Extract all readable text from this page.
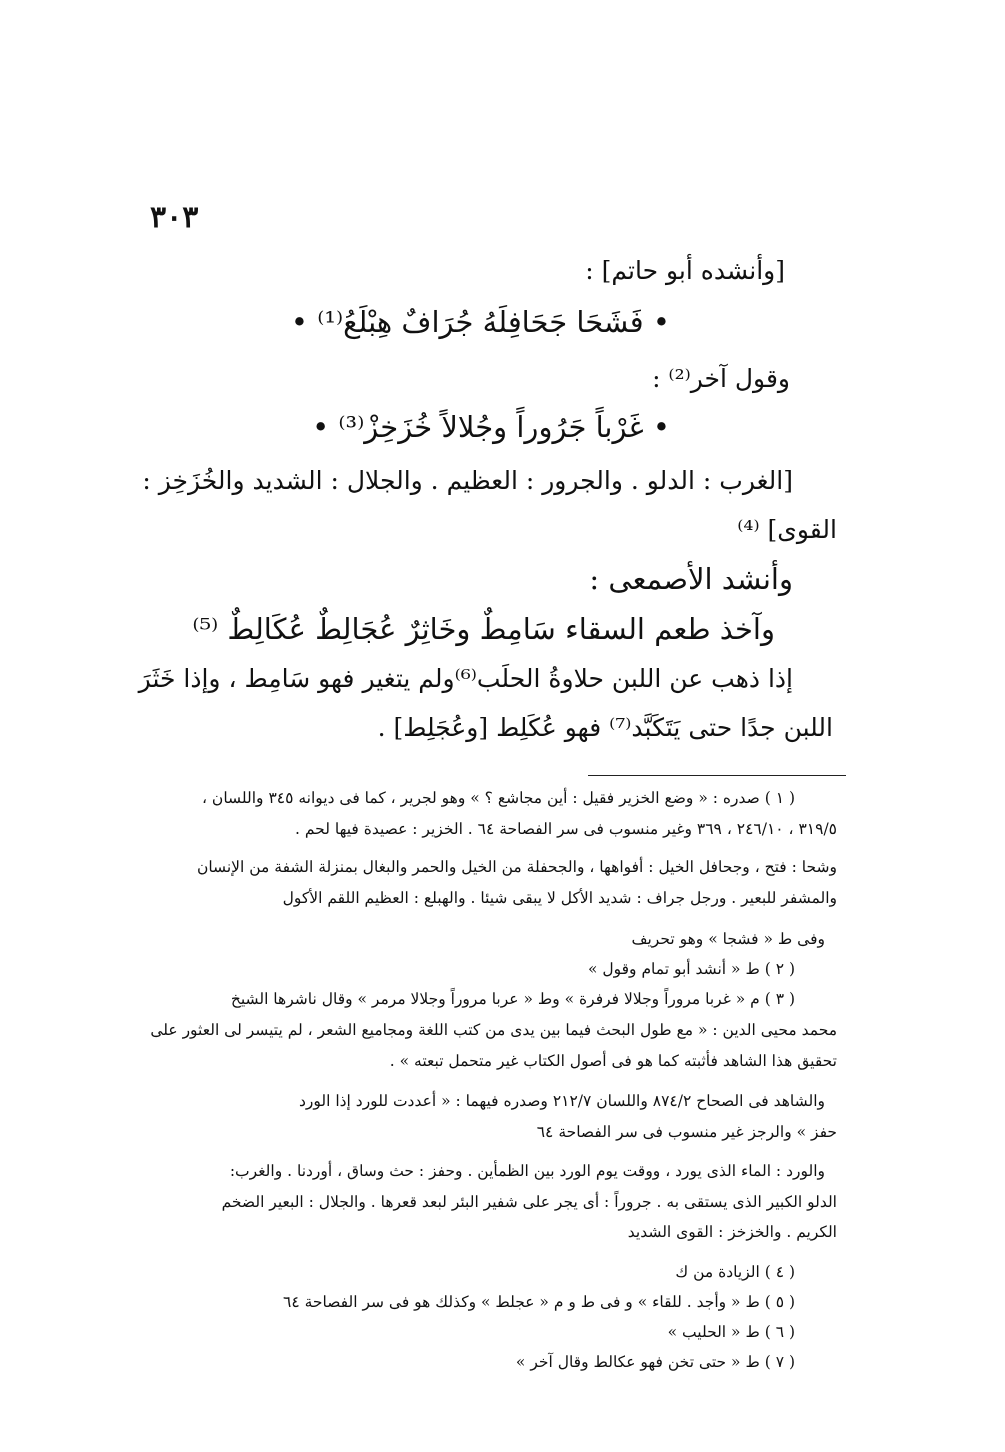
٣٠٣
[وأنشده أبو حاتم] :
• فَشَحَا جَحَافِلَهُ جُرَافٌ هِبْلَعُ⁽¹⁾ •
وقول آخر⁽²⁾ :
• غَرْباً جَرُوراً وجُلالاً خُزَخِزْ⁽³⁾ •
[الغرب : الدلو . والجرور : العظيم . والجلال : الشديد والخُزَخِز :
القوى] ⁽⁴⁾
وأنشد الأصمعى :
وآخذ طعم السقاء سَامِطٌ وخَاثِرٌ عُجَالِطٌ عُكَالِطٌ ⁽⁵⁾
إذا ذهب عن اللبن حلاوةُ الحلَب⁽⁶⁾ولم يتغير فهو سَامِط ، وإذا خَثَرَ
اللبن جدًا حتى يَتَكَبَّد⁽⁷⁾ فهو عُكَلِط [وعُجَلِط] .
( ١ ) صدره : « وضع الخزير فقيل : أين مجاشع ؟ » وهو لجرير ، كما فى ديوانه ٣٤٥ واللسان ،
٣١٩/٥ ، ٢٤٦/١٠ ، ٣٦٩ وغير منسوب فى سر الفصاحة ٦٤ . الخزير : عصيدة فيها لحم .
وشحا : فتح ، وجحافل الخيل : أفواهها ، والجحفلة من الخيل والحمر والبغال بمنزلة الشفة من الإنسان
والمشفر للبعير . ورجل جراف : شديد الأكل لا يبقى شيئا . والهبلع : العظيم اللقم الأكول
وفى ط « فشجا » وهو تحريف
( ٢ ) ط « أنشد أبو تمام وقول »
( ٣ ) م « غربا مروراً وجلالا فرفرة » وط « عربا مروراً وجلالا مرمر » وقال ناشرها الشيخ
محمد محيى الدين : « مع طول البحث فيما بين يدى من كتب اللغة ومجاميع الشعر ، لم يتيسر لى العثور على
تحقيق هذا الشاهد فأثبته كما هو فى أصول الكتاب غير متحمل تبعته » .
والشاهد فى الصحاح ٨٧٤/٢ واللسان ٢١٢/٧ وصدره فيهما : « أعددت للورد إذا الورد
حفز » والرجز غير منسوب فى سر الفصاحة ٦٤
والورد : الماء الذى يورد ، ووقت يوم الورد بين الظمأين . وحفز : حث وساق ، أوردنا . والغرب:
الدلو الكبير الذى يستقى به . جروراً : أى يجر على شفير البئر لبعد قعرها . والجلال : البعير الضخم
الكريم . والخزخز : القوى الشديد
( ٤ ) الزيادة من ك
( ٥ ) ط « وأجد . للقاء » و فى ط و م « عجلط » وكذلك هو فى سر الفصاحة ٦٤
( ٦ ) ط « الحليب »
( ٧ ) ط « حتى تخن فهو عكالط وقال آخر »
